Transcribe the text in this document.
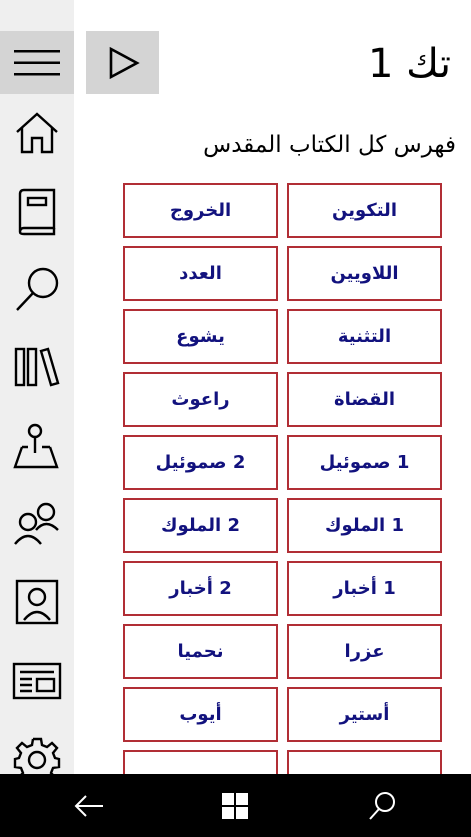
تك 1
فهرس كل الكتاب المقدس
التكوين
الخروج
اللاويين
العدد
التثنية
يشوع
القضاة
راعوث
1 صموئيل
2 صموئيل
1 الملوك
2 الملوك
1 أخبار
2 أخبار
عزرا
نحميا
أستير
أيوب
